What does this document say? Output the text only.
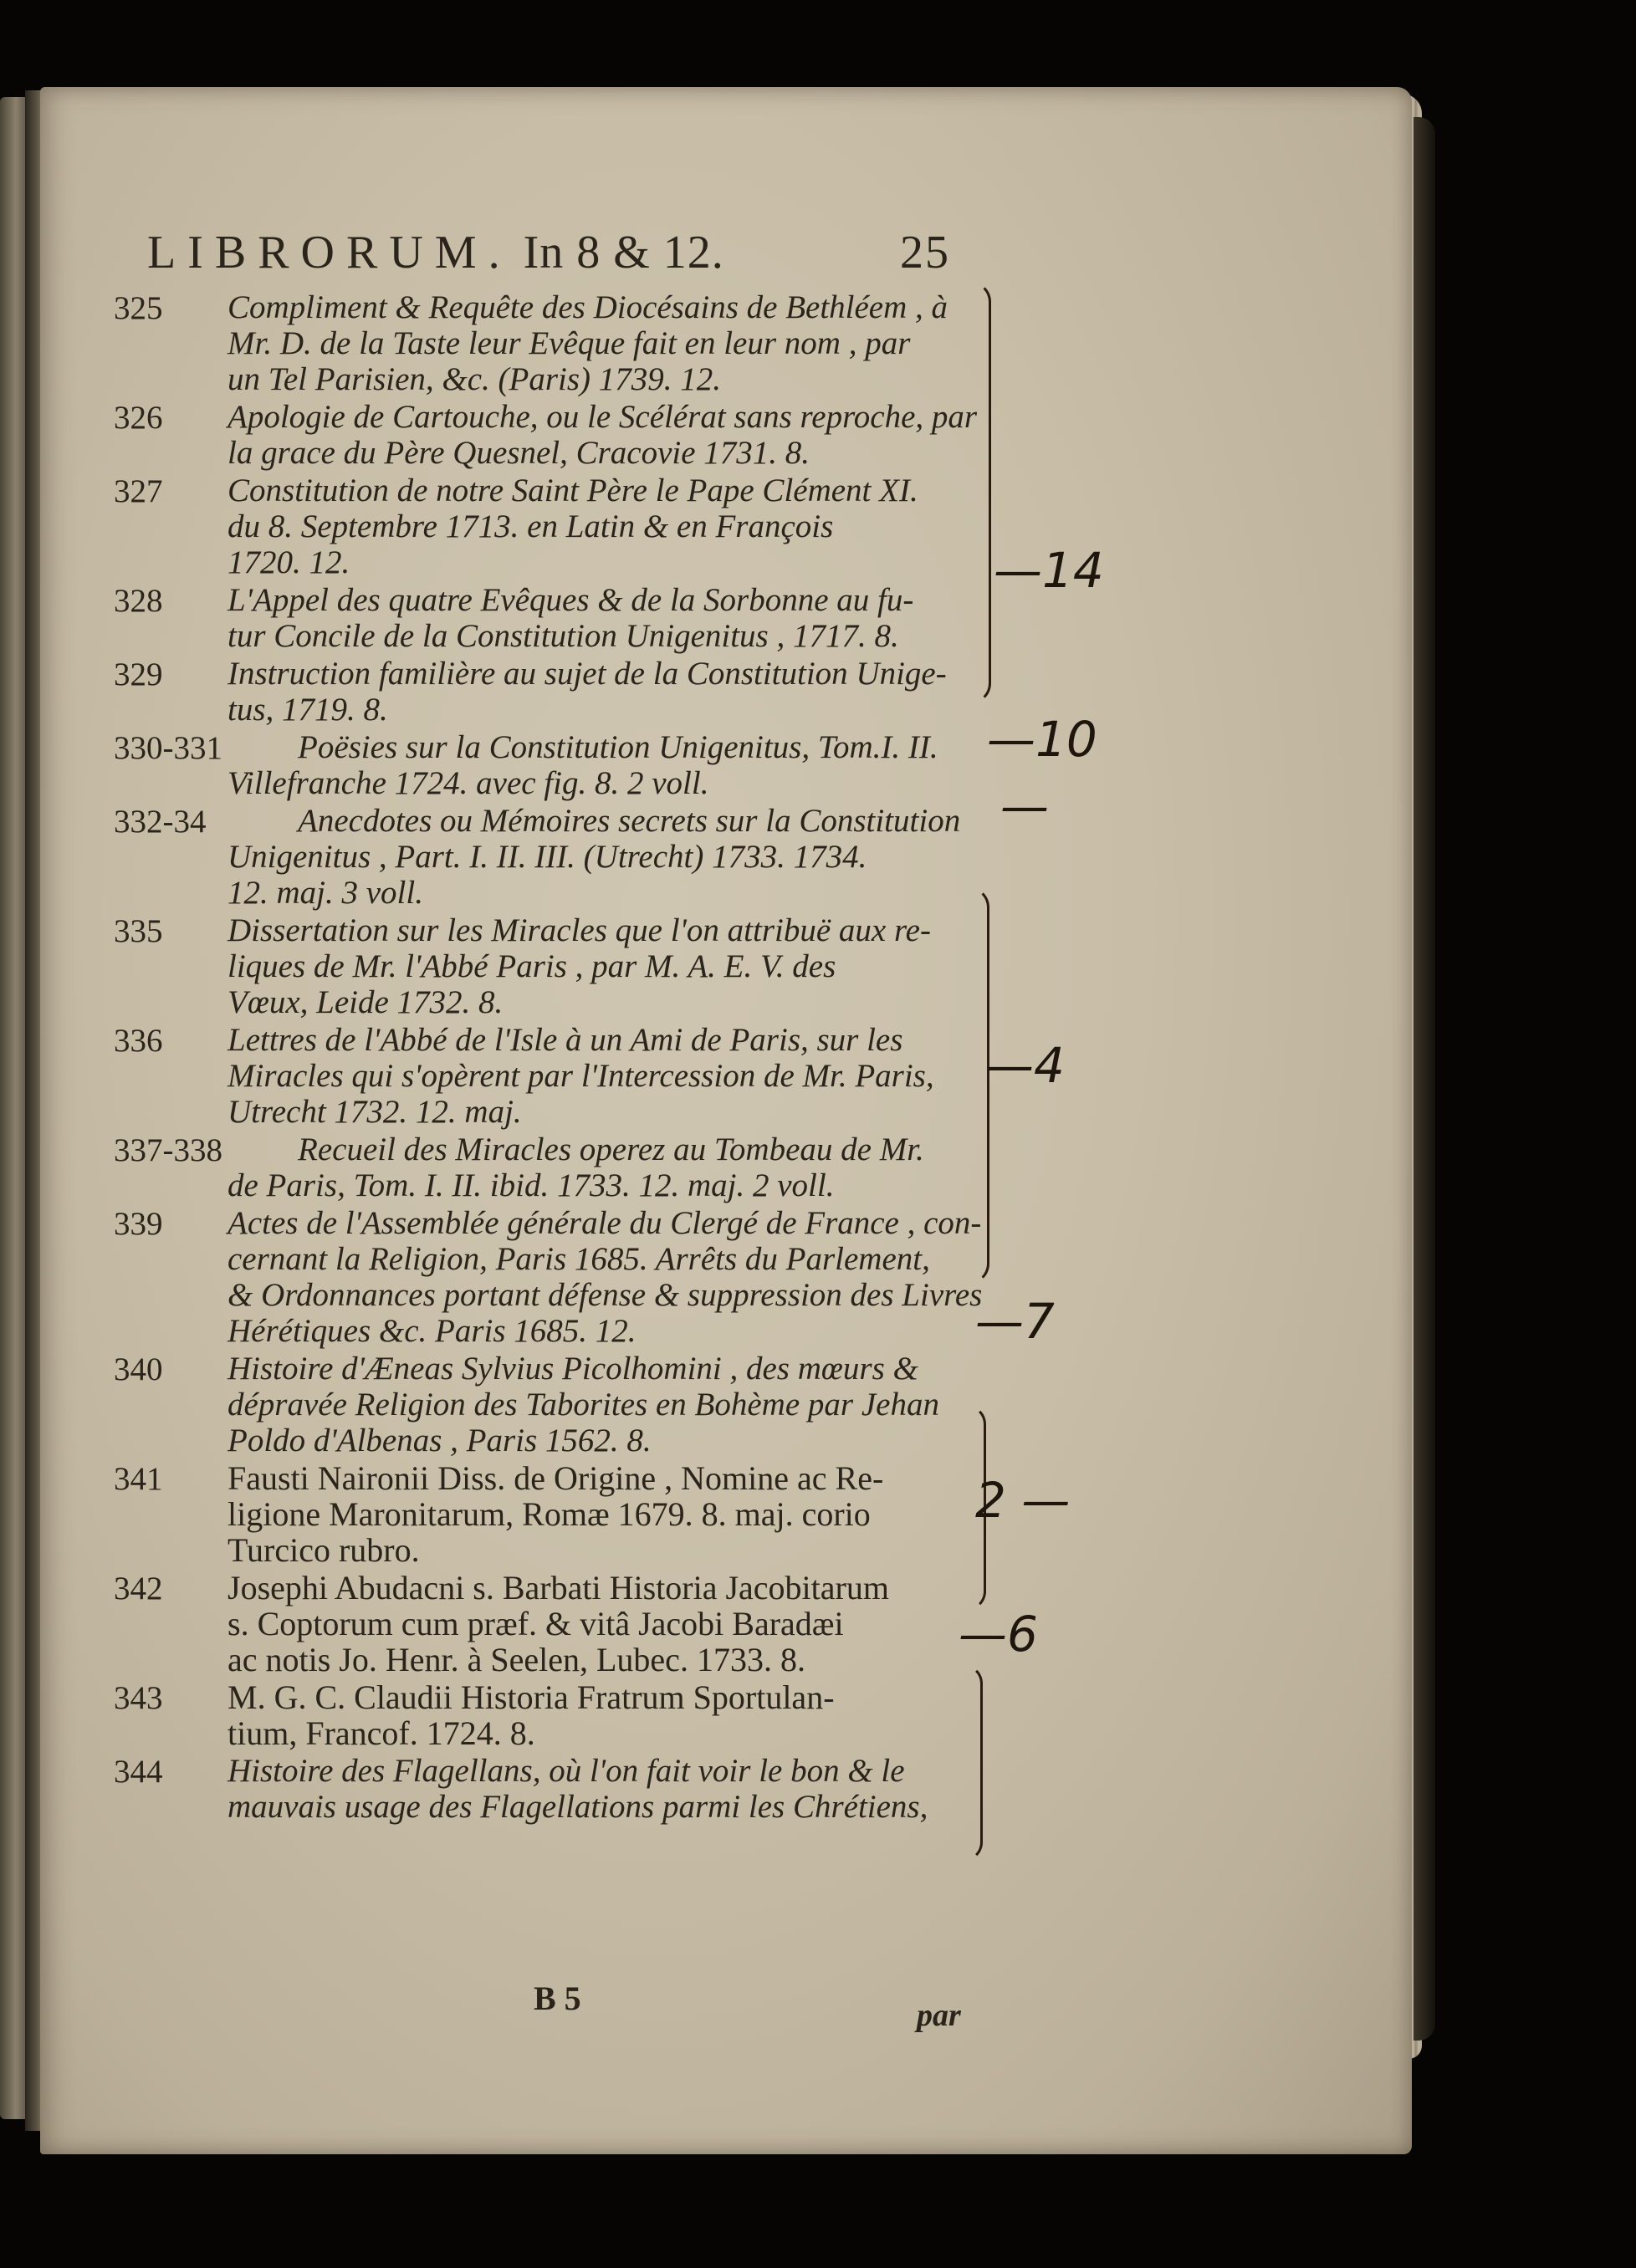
LIBRORUM. In 8 & 12.	25
325	Compliment & Requête des Diocésains de Bethléem , à
Mr. D. de la Taste leur Evêque fait en leur nom , par
un Tel Parisien, &c. (Paris) 1739. 12.
326	Apologie de Cartouche, ou le Scélérat sans reproche, par
la grace du Père Quesnel, Cracovie 1731. 8.
327	Constitution de notre Saint Père le Pape Clément XI.
du 8. Septembre 1713. en Latin & en François
1720. 12.
328	L'Appel des quatre Evêques & de la Sorbonne au fu-
tur Concile de la Constitution Unigenitus , 1717. 8.
329	Instruction familière au sujet de la Constitution Unige-
tus, 1719. 8.
330-331	Poësies sur la Constitution Unigenitus, Tom.I. II.
Villefranche 1724. avec fig. 8. 2 voll.
332-34	Anecdotes ou Mémoires secrets sur la Constitution
Unigenitus , Part. I. II. III. (Utrecht) 1733. 1734.
12. maj. 3 voll.
335	Dissertation sur les Miracles que l'on attribuë aux re-
liques de Mr. l'Abbé Paris , par M. A. E. V. des
Vœux, Leide 1732. 8.
336	Lettres de l'Abbé de l'Isle à un Ami de Paris, sur les
Miracles qui s'opèrent par l'Intercession de Mr. Paris,
Utrecht 1732. 12. maj.
337-338	Recueil des Miracles operez au Tombeau de Mr.
de Paris, Tom. I. II. ibid. 1733. 12. maj. 2 voll.
339	Actes de l'Assemblée générale du Clergé de France , con-
cernant la Religion, Paris 1685. Arrêts du Parlement,
& Ordonnances portant défense & suppression des Livres
Hérétiques &c. Paris 1685. 12.
340	Histoire d'Æneas Sylvius Picolhomini , des mœurs &
dépravée Religion des Taborites en Bohème par Jehan
Poldo d'Albenas , Paris 1562. 8.
341	Fausti Naironii Diss. de Origine , Nomine ac Re-
ligione Maronitarum, Romæ 1679. 8. maj. corio
Turcico rubro.
342	Josephi Abudacni s. Barbati Historia Jacobitarum
s. Coptorum cum præf. & vitâ Jacobi Baradæi
ac notis Jo. Henr. à Seelen, Lubec. 1733. 8.
343	M. G. C. Claudii Historia Fratrum Sportulan-
tium, Francof. 1724. 8.
344	Histoire des Flagellans, où l'on fait voir le bon & le
mauvais usage des Flagellations parmi les Chrétiens,
B 5	par
—14
—10
—
—4
—7
2 —
—6
